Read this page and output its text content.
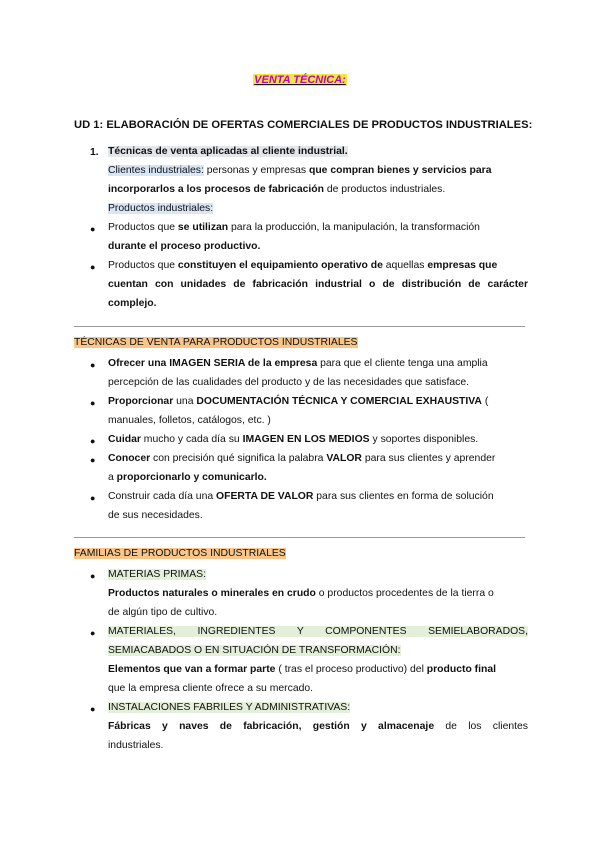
VENTA TÉCNICA:
UD 1: ELABORACIÓN DE OFERTAS COMERCIALES DE PRODUCTOS INDUSTRIALES:
1. Técnicas de venta aplicadas al cliente industrial.
Clientes industriales: personas y empresas que compran bienes y servicios para
incorporarlos a los procesos de fabricación de productos industriales.
Productos industriales:
● Productos que se utilizan para la producción, la manipulación, la transformación
durante el proceso productivo.
● Productos que constituyen el equipamiento operativo de aquellas empresas que
cuentan con unidades de fabricación industrial o de distribución de carácter
complejo.
TÉCNICAS DE VENTA PARA PRODUCTOS INDUSTRIALES
● Ofrecer una IMAGEN SERIA de la empresa para que el cliente tenga una amplia
percepción de las cualidades del producto y de las necesidades que satisface.
● Proporcionar una DOCUMENTACIÓN TÉCNICA Y COMERCIAL EXHAUSTIVA (
manuales, folletos, catálogos, etc. )
● Cuidar mucho y cada día su IMAGEN EN LOS MEDIOS y soportes disponibles.
● Conocer con precisión qué significa la palabra VALOR para sus clientes y aprender
a proporcionarlo y comunicarlo.
● Construir cada día una OFERTA DE VALOR para sus clientes en forma de solución
de sus necesidades.
FAMILIAS DE PRODUCTOS INDUSTRIALES
● MATERIAS PRIMAS:
Productos naturales o minerales en crudo o productos procedentes de la tierra o
de algún tipo de cultivo.
● MATERIALES, INGREDIENTES Y COMPONENTES SEMIELABORADOS,
SEMIACABADOS O EN SITUACIÓN DE TRANSFORMACIÓN:
Elementos que van a formar parte ( tras el proceso productivo) del producto final
que la empresa cliente ofrece a su mercado.
● INSTALACIONES FABRILES Y ADMINISTRATIVAS:
Fábricas y naves de fabricación, gestión y almacenaje de los clientes
industriales.
